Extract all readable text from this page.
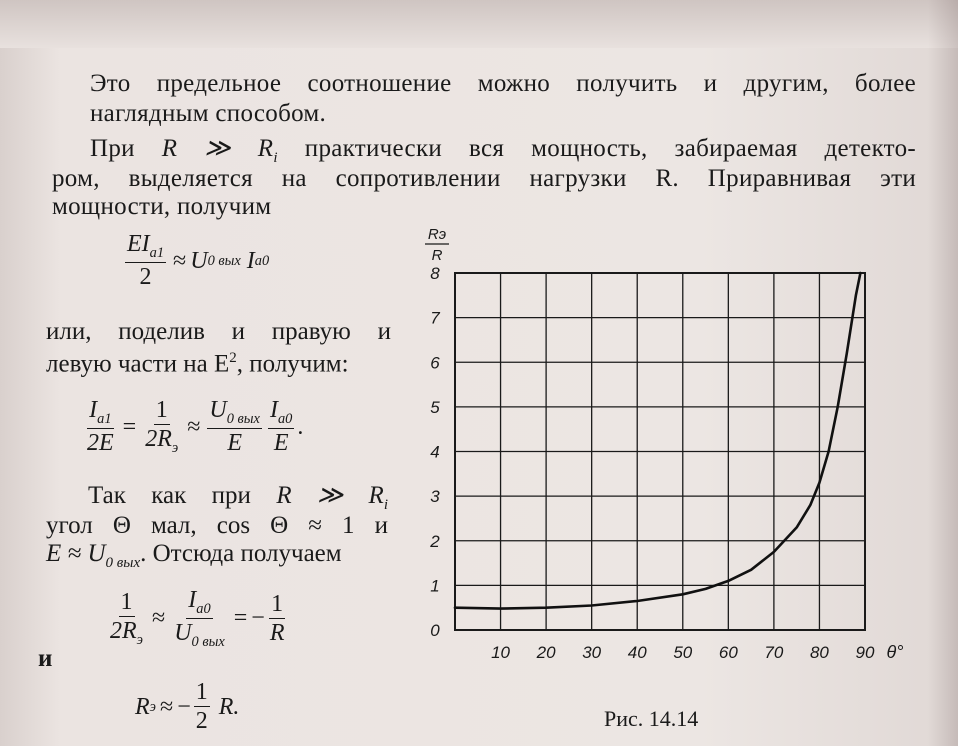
Это предельное соотношение можно получить и другим, более
наглядным способом.
При R ≫ $R_i$ практически вся мощность, забираемая детекто-
ром, выделяется на сопротивлении нагрузки R. Приравнивая эти
мощности, получим
$\frac{EI_{a1}}{2} \approx U$ 0 вых I a0
или, поделив и правую и
левую части на $E^2$, получим:
$\frac{I_{a1}}{2E} = \frac{1}{2R_э} \approx \frac{U_{0 вых}}{E} \frac{I_{a0}}{E}$ .
Так как при R ≫ $R_i$
угол Θ мал, cos Θ ≈ 1 и
$E \approx U_{0 вых}$. Отсюда получаем
$\frac{1}{2R_э} \approx \frac{I_{a0}}{U_{0 вых}}$ = − $\frac{1}{R}$
и
R э ≈ − $\frac{1}{2} R$.
10 20 30 40 50 60 70 80 90
0
1
2
3
4
5
6
7
8
θ°
Rэ
R
Рис. 14.14
